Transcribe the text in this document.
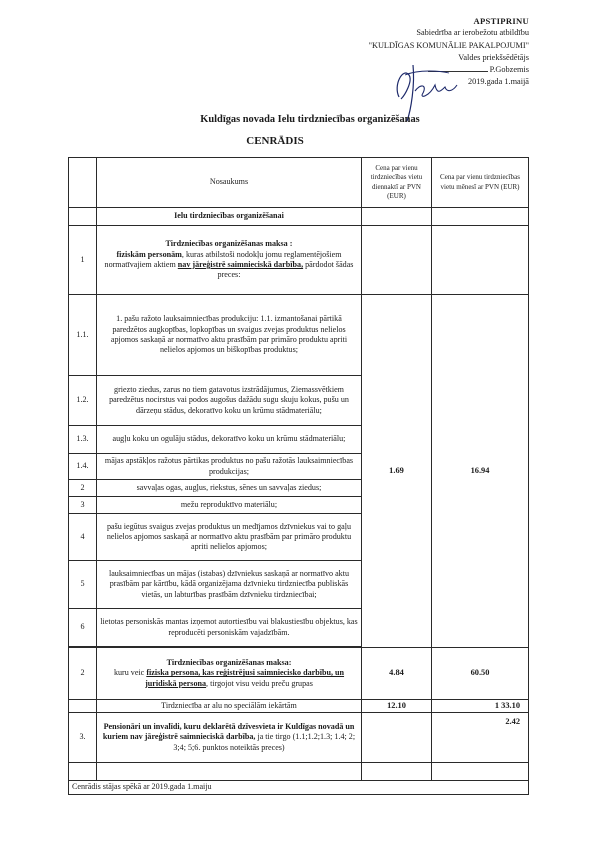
APSTIPRINU
Sabiedrība ar ierobežotu atbildību
"KULDĪGAS KOMUNĀLIE PAKALPOJUMI"
Valdes priekšsēdētājs
P.Gobzemis
2019.gada 1.maijā
Kuldīgas novada Ielu tirdzniecības organizēšanas
CENRĀDIS
	Nosaukums	Cena par vienu tirdzniecības vietu diennaktī ar PVN (EUR)	Cena par vienu tirdzniecības vietu mēnesī ar PVN (EUR)
	Ielu tirdzniecības organizēšanai		
1	Tirdzniecības organizēšanas maksa :
fiziskām personām, kuras atbilstoši nodokļu jomu reglamentējošiem normatīvajiem aktiem nav jāreģistrē saimnieciskā darbība, pārdodot šādas preces:		
1.1.	1. pašu ražoto lauksaimniecības produkciju: 1.1. izmantošanai pārtikā paredzētos augkopības, lopkopības un svaigus zvejas produktus nelielos apjomos saskaņā ar normatīvo aktu prasībām par primāro produktu apriti nelielos apjomos un biškopības produktus;	1.69	16.94
1.2.	griezto ziedus, zarus no tiem gatavotus izstrādājumus, Ziemassvētkiem paredzētus nocirstus vai podos augošus dažādu sugu skuju kokus, pušu un dārzeņu stādus, dekoratīvo koku un krūmu stādmateriālu;		
1.3.	augļu koku un ogulāju stādus, dekoratīvo koku un krūmu stādmateriālu;		
1.4.	mājas apstākļos ražotus pārtikas produktus no pašu ražotās lauksaimniecības produkcijas;		
2	savvaļas ogas, augļus, riekstus, sēnes un savvaļas ziedus;		
3	mežu reproduktīvo materiālu;		
4	pašu iegūtus svaigus zvejas produktus un medījamos dzīvniekus vai to gaļu nelielos apjomos saskaņā ar normatīvo aktu prasībām par primāro produktu apriti nelielos apjomos;		
5	lauksaimniecības un mājas (istabas) dzīvniekus saskaņā ar normatīvo aktu prasībām par kārtību, kādā organizējama dzīvnieku tirdzniecība publiskās vietās, un labturības prasībām dzīvnieku tirdzniecībai;		
6	lietotas personiskās mantas izņemot autortiesību vai blakustiesību objektus, kas reproducēti personiskām vajadzībām.		

2	Tirdzniecības organizēšanas maksa:
kuru veic fiziska persona, kas reģistrējusi saimniecisko darbību, un juridiskā persona, tirgojot visu veidu preču grupas	4.84	60.50
	Tirdzniecība ar alu no speciālām iekārtām	12.10	1 33.10
3.	Pensionāri un invalīdi, kuru deklarētā dzīvesvieta ir Kuldīgas novadā un kuriem nav jāreģistrē saimnieciskā darbība, ja tie tirgo (1.1;1.2;1.3; 1.4; 2; 3;4; 5;6. punktos noteiktās preces)		2.42

Cenrādis stājas spēkā ar 2019.gada 1.maiju			
